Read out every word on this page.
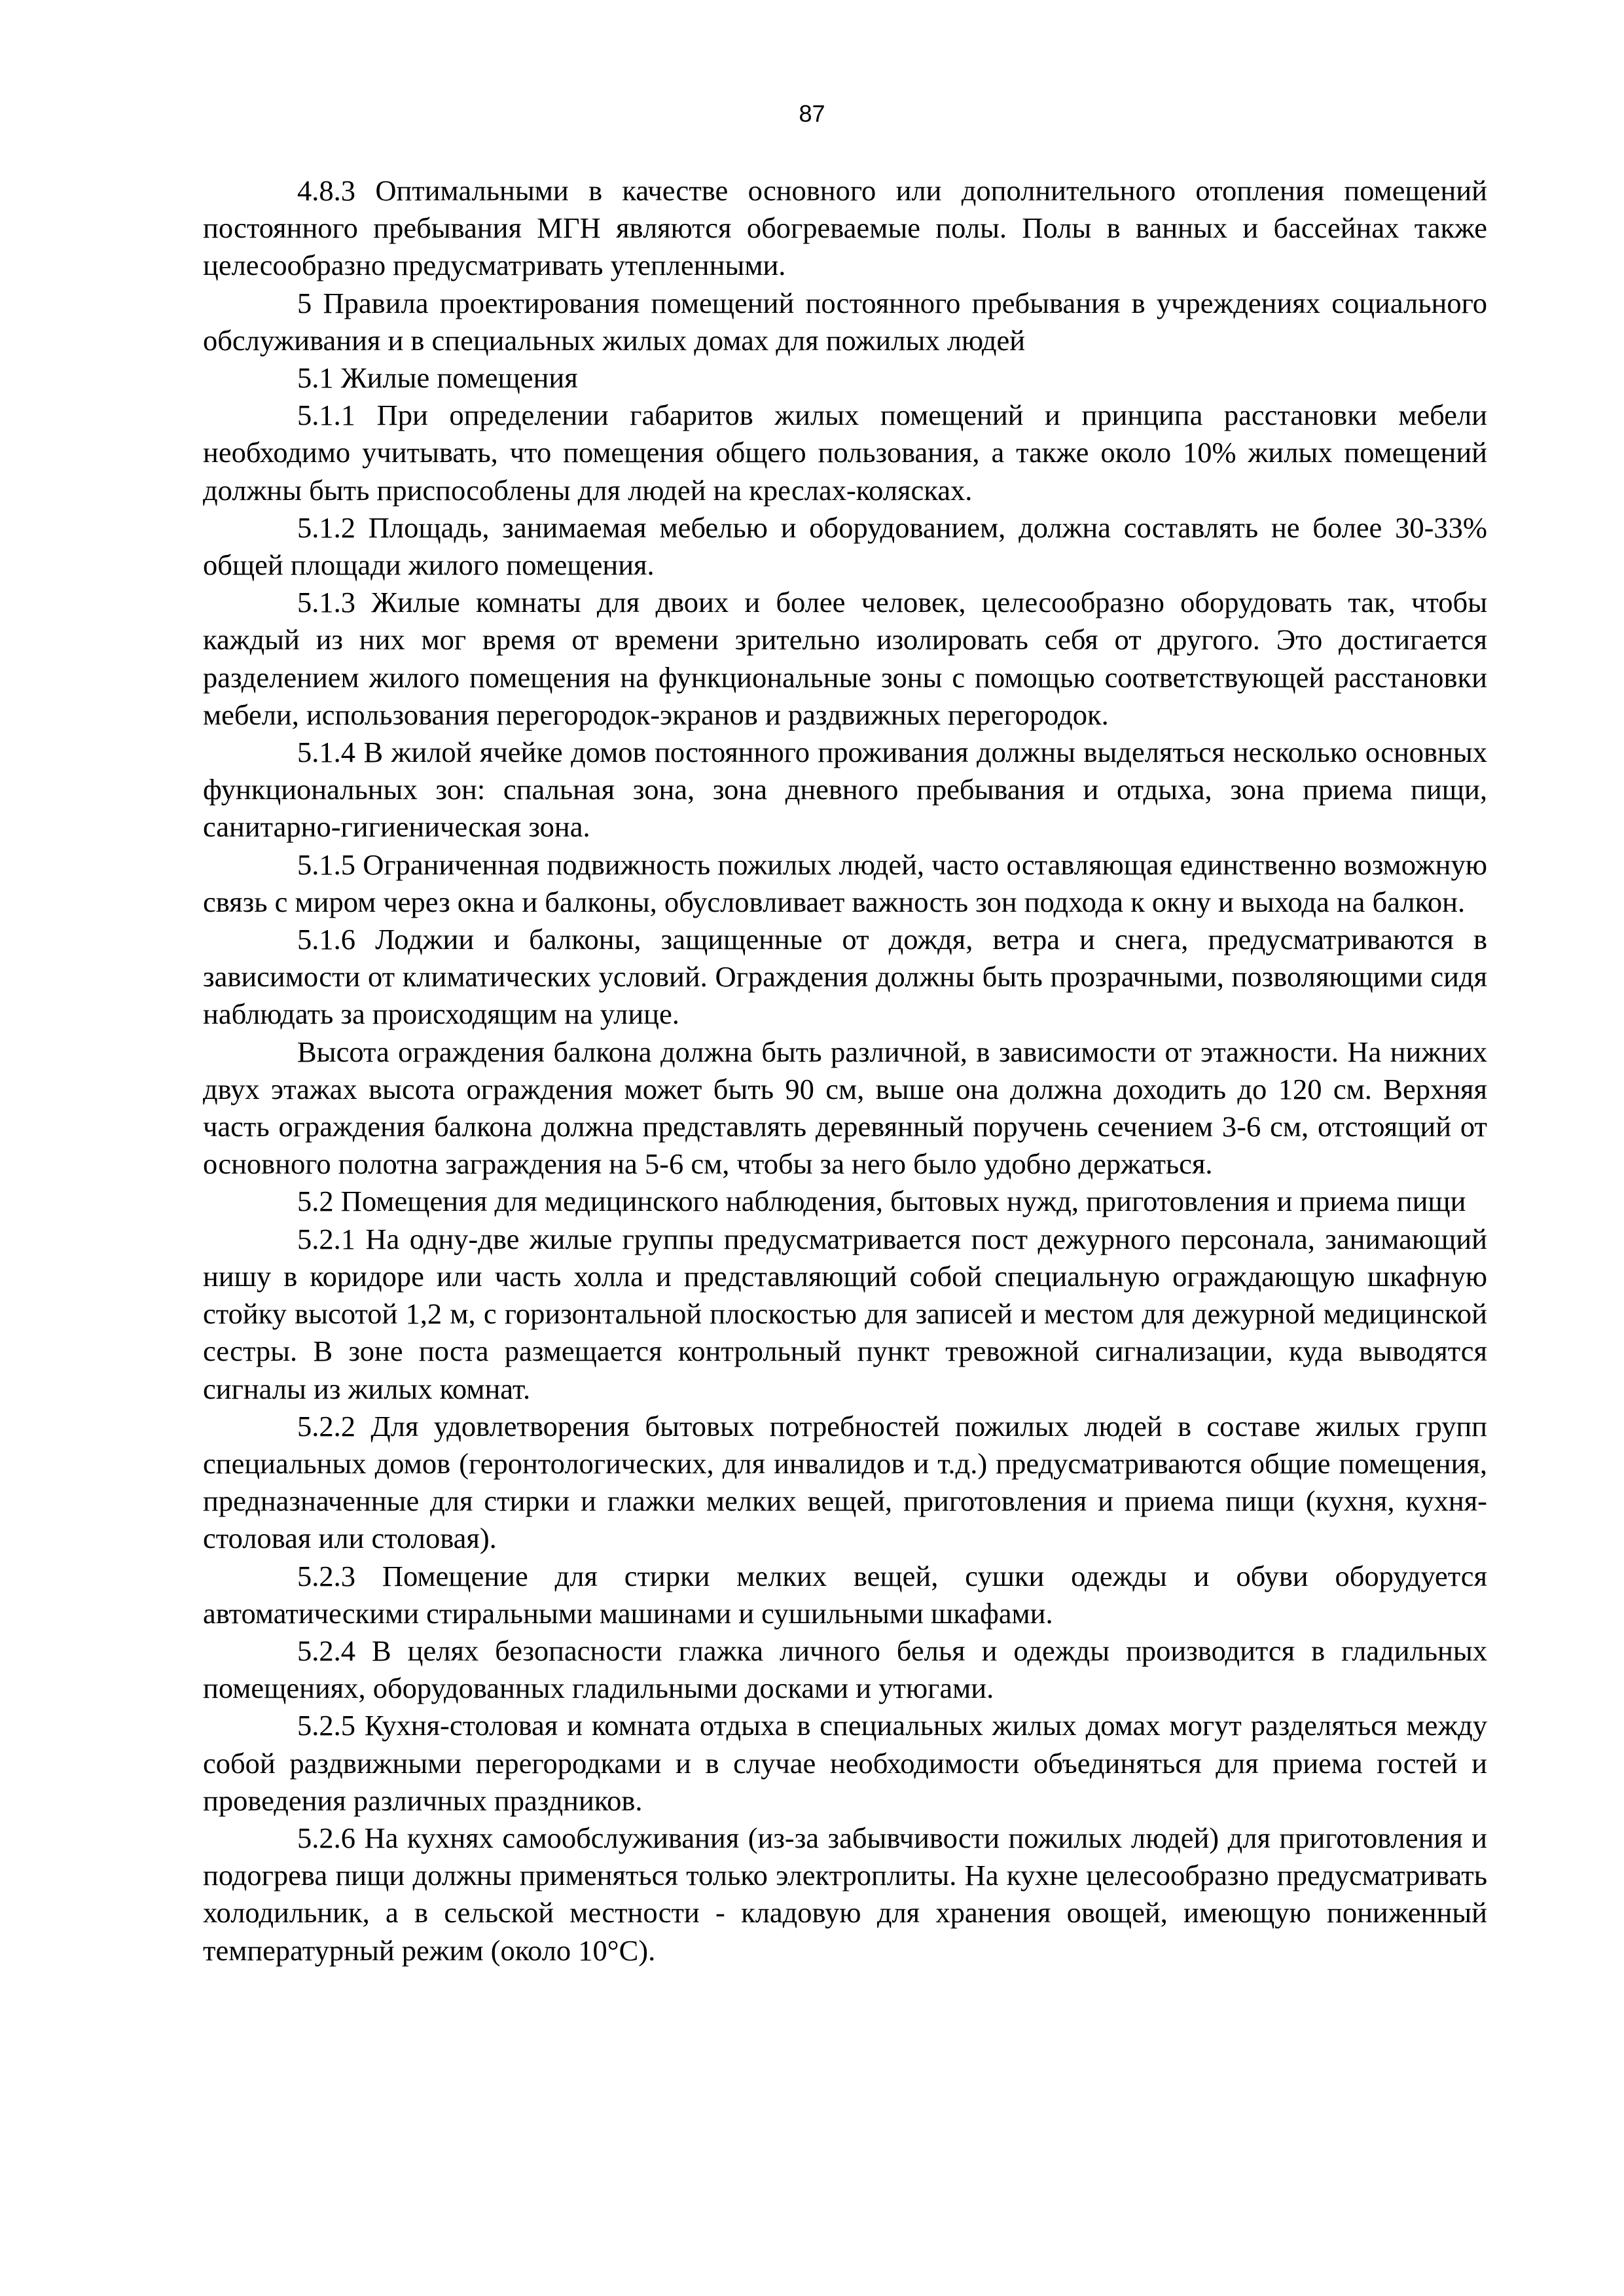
87

4.8.3 Оптимальными в качестве основного или дополнительного отопления помещений постоянного пребывания МГН являются обогреваемые полы. Полы в ванных и бассейнах также целесообразно предусматривать утепленными.

5 Правила проектирования помещений постоянного пребывания в учреждениях социального обслуживания и в специальных жилых домах для пожилых людей

5.1 Жилые помещения

5.1.1 При определении габаритов жилых помещений и принципа расстановки мебели необходимо учитывать, что помещения общего пользования, а также около 10% жилых помещений должны быть приспособлены для людей на креслах-колясках.

5.1.2 Площадь, занимаемая мебелью и оборудованием, должна составлять не более 30-33% общей площади жилого помещения.

5.1.3 Жилые комнаты для двоих и более человек, целесообразно оборудовать так, чтобы каждый из них мог время от времени зрительно изолировать себя от другого. Это достигается разделением жилого помещения на функциональные зоны с помощью соответствующей расстановки мебели, использования перегородок-экранов и раздвижных перегородок.

5.1.4 В жилой ячейке домов постоянного проживания должны выделяться несколько основных функциональных зон: спальная зона, зона дневного пребывания и отдыха, зона приема пищи, санитарно-гигиеническая зона.

5.1.5 Ограниченная подвижность пожилых людей, часто оставляющая единственно возможную связь с миром через окна и балконы, обусловливает важность зон подхода к окну и выхода на балкон.

5.1.6 Лоджии и балконы, защищенные от дождя, ветра и снега, предусматриваются в зависимости от климатических условий. Ограждения должны быть прозрачными, позволяющими сидя наблюдать за происходящим на улице.

Высота ограждения балкона должна быть различной, в зависимости от этажности. На нижних двух этажах высота ограждения может быть 90 см, выше она должна доходить до 120 см. Верхняя часть ограждения балкона должна представлять деревянный поручень сечением 3-6 см, отстоящий от основного полотна заграждения на 5-6 см, чтобы за него было удобно держаться.

5.2 Помещения для медицинского наблюдения, бытовых нужд, приготовления и приема пищи

5.2.1 На одну-две жилые группы предусматривается пост дежурного персонала, занимающий нишу в коридоре или часть холла и представляющий собой специальную ограждающую шкафную стойку высотой 1,2 м, с горизонтальной плоскостью для записей и местом для дежурной медицинской сестры. В зоне поста размещается контрольный пункт тревожной сигнализации, куда выводятся сигналы из жилых комнат.

5.2.2 Для удовлетворения бытовых потребностей пожилых людей в составе жилых групп специальных домов (геронтологических, для инвалидов и т.д.) предусматриваются общие помещения, предназначенные для стирки и глажки мелких вещей, приготовления и приема пищи (кухня, кухня-столовая или столовая).

5.2.3 Помещение для стирки мелких вещей, сушки одежды и обуви оборудуется автоматическими стиральными машинами и сушильными шкафами.

5.2.4 В целях безопасности глажка личного белья и одежды производится в гладильных помещениях, оборудованных гладильными досками и утюгами.

5.2.5 Кухня-столовая и комната отдыха в специальных жилых домах могут разделяться между собой раздвижными перегородками и в случае необходимости объединяться для приема гостей и проведения различных праздников.

5.2.6 На кухнях самообслуживания (из-за забывчивости пожилых людей) для приготовления и подогрева пищи должны применяться только электроплиты. На кухне целесообразно предусматривать холодильник, а в сельской местности - кладовую для хранения овощей, имеющую пониженный температурный режим (около 10°С).
